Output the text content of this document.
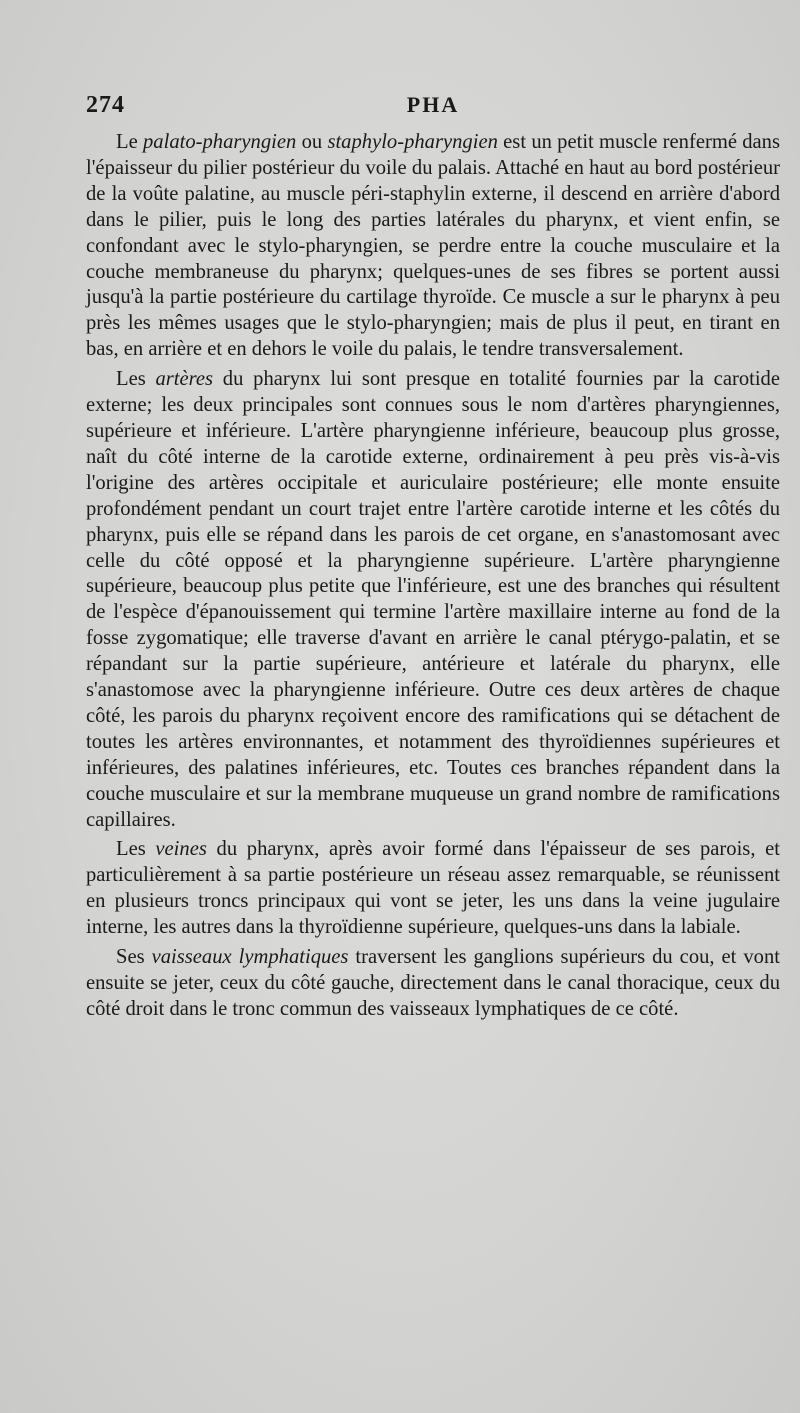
274	PHA

Le palato-pharyngien ou staphylo-pharyngien est un petit muscle renfermé dans l'épaisseur du pilier postérieur du voile du palais. Attaché en haut au bord postérieur de la voûte palatine, au muscle péri-staphylin externe, il descend en arrière d'abord dans le pilier, puis le long des parties latérales du pharynx, et vient enfin, se confondant avec le stylo-pharyngien, se perdre entre la couche musculaire et la couche membraneuse du pharynx; quelques-unes de ses fibres se portent aussi jusqu'à la partie postérieure du cartilage thyroïde. Ce muscle a sur le pharynx à peu près les mêmes usages que le stylo-pharyngien; mais de plus il peut, en tirant en bas, en arrière et en dehors le voile du palais, le tendre transversalement.

Les artères du pharynx lui sont presque en totalité fournies par la carotide externe; les deux principales sont connues sous le nom d'artères pharyngiennes, supérieure et inférieure. L'artère pharyngienne inférieure, beaucoup plus grosse, naît du côté interne de la carotide externe, ordinairement à peu près vis-à-vis l'origine des artères occipitale et auriculaire postérieure; elle monte ensuite profondément pendant un court trajet entre l'artère carotide interne et les côtés du pharynx, puis elle se répand dans les parois de cet organe, en s'anastomosant avec celle du côté opposé et la pharyngienne supérieure. L'artère pharyngienne supérieure, beaucoup plus petite que l'inférieure, est une des branches qui résultent de l'espèce d'épanouissement qui termine l'artère maxillaire interne au fond de la fosse zygomatique; elle traverse d'avant en arrière le canal ptérygo-palatin, et se répandant sur la partie supérieure, antérieure et latérale du pharynx, elle s'anastomose avec la pharyngienne inférieure. Outre ces deux artères de chaque côté, les parois du pharynx reçoivent encore des ramifications qui se détachent de toutes les artères environnantes, et notamment des thyroïdiennes supérieures et inférieures, des palatines inférieures, etc. Toutes ces branches répandent dans la couche musculaire et sur la membrane muqueuse un grand nombre de ramifications capillaires.

Les veines du pharynx, après avoir formé dans l'épaisseur de ses parois, et particulièrement à sa partie postérieure un réseau assez remarquable, se réunissent en plusieurs troncs principaux qui vont se jeter, les uns dans la veine jugulaire interne, les autres dans la thyroïdienne supérieure, quelques-uns dans la labiale.

Ses vaisseaux lymphatiques traversent les ganglions supérieurs du cou, et vont ensuite se jeter, ceux du côté gauche, directement dans le canal thoracique, ceux du côté droit dans le tronc commun des vaisseaux lymphatiques de ce côté.
